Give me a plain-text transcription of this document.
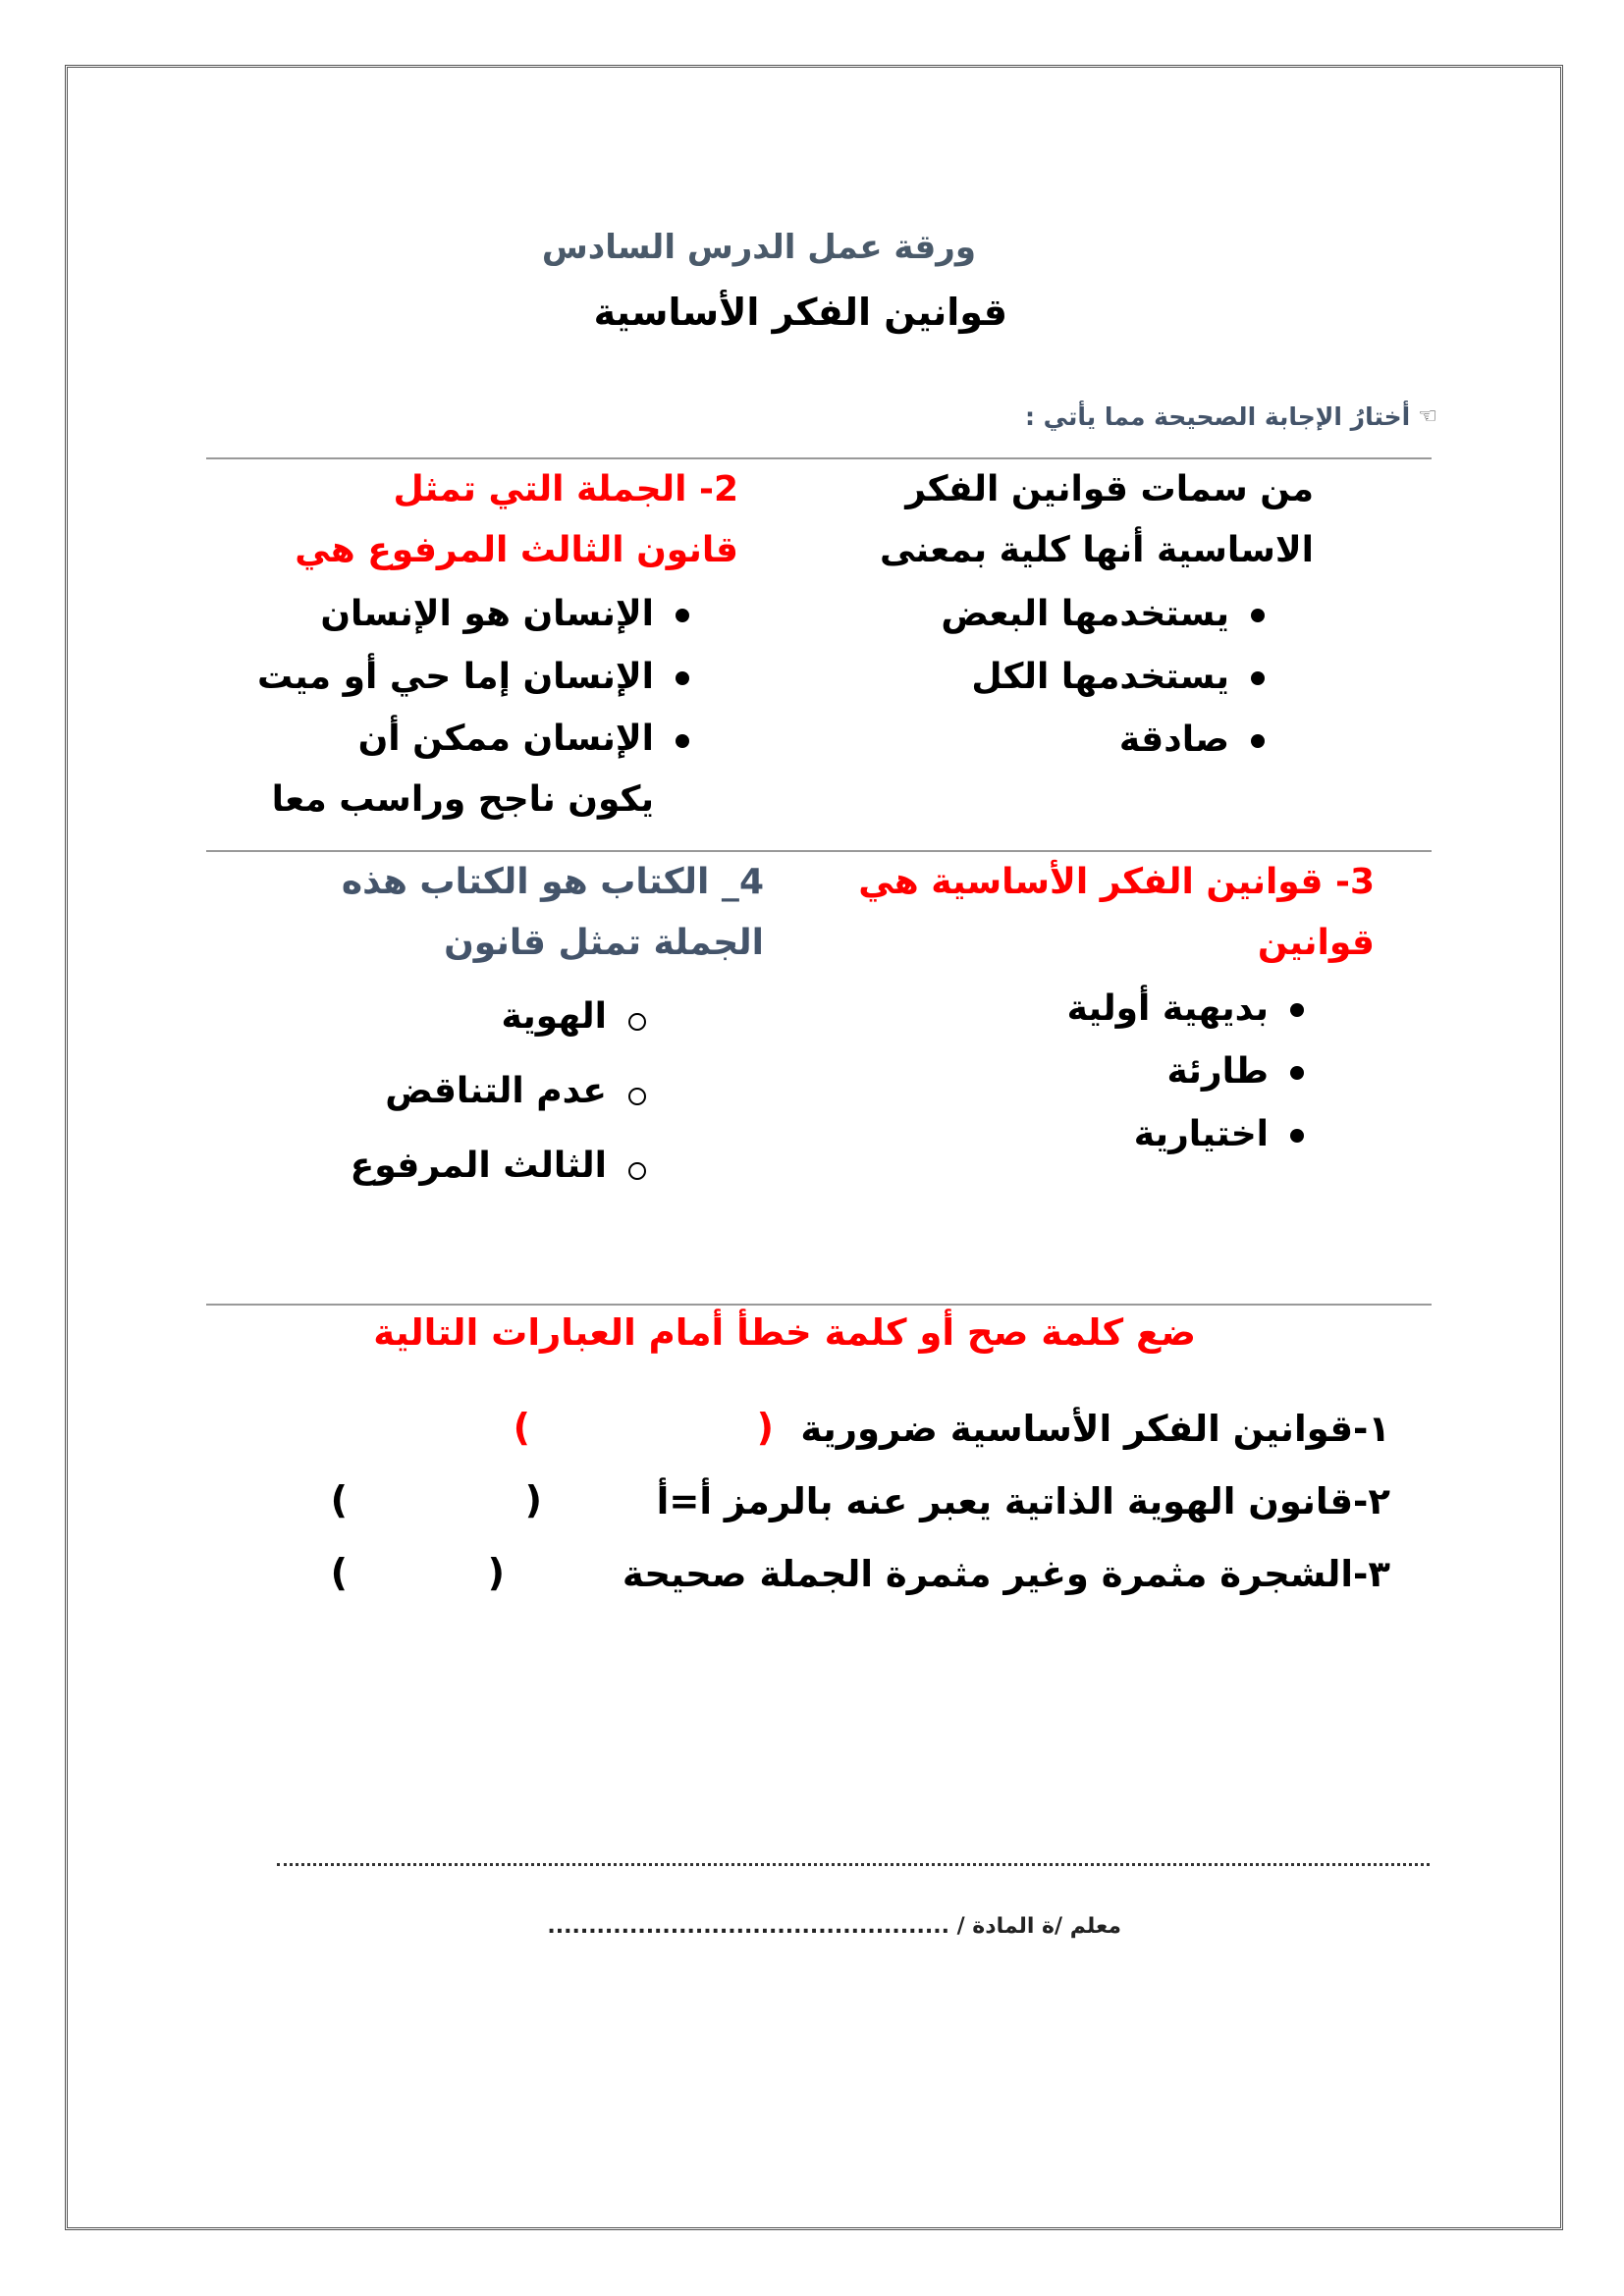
ورقة عمل الدرس السادس
قوانين الفكر الأساسية
☜
أختارُ الإجابة الصحيحة مما يأتي :
من سمات قوانين الفكر الاساسية أنها كلية بمعنى
يستخدمها البعض
يستخدمها الكل
صادقة
2- الجملة التي تمثل قانون الثالث المرفوع هي
الإنسان هو الإنسان
الإنسان إما حي أو ميت
الإنسان ممكن أن يكون ناجح وراسب معا
3- قوانين الفكر الأساسية هي قوانين
بديهية أولية
طارئة
اختيارية
4_ الكتاب هو الكتاب هذه الجملة تمثل قانون
الهوية
عدم التناقض
الثالث المرفوع
ضع كلمة صح أو كلمة خطأ أمام العبارات التالية
١-قوانين الفكر الأساسية ضرورية
(
)
٢-قانون الهوية الذاتية يعبر عنه بالرمز أ=أ
(
)
٣-الشجرة مثمرة وغير مثمرة الجملة صحيحة
(
)
معلم /ة المادة / .................................................
